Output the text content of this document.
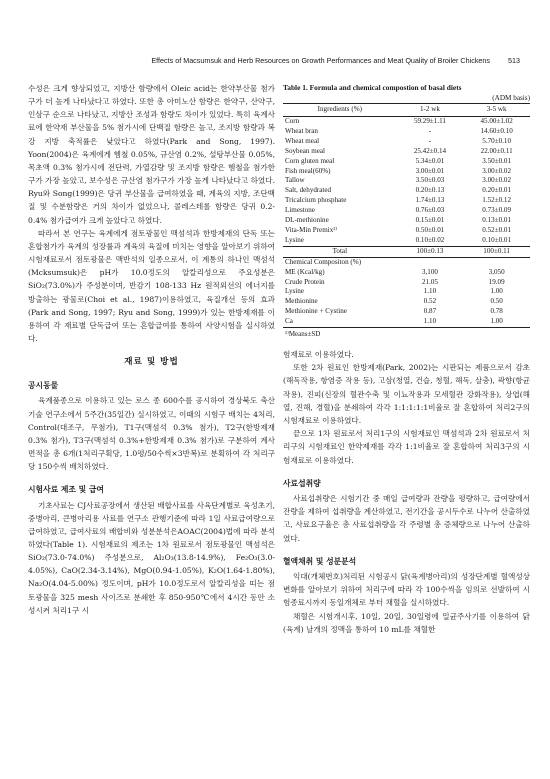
Effects of Macsumsuk and Herb Resources on Growth Performances and Meat Quality of Broiler Chickens	513

수성은 크게 향상되었고, 지방산 함량에서 Oleic acid는 한약부산물 첨가구가 더 높게 나타났다고 하였다. 또한 총 아미노산 함량은 한약구, 산약구, 인삼구 순으로 나타났고, 지방산 조성과 함량도 차이가 있었다. 특히 육계사료에 한약재 부산물을 5% 첨가시에 단백질 함량은 높고, 조지방 함량과 복강 지방 축적률은 낮았다고 하였다(Park and Song, 1997). Yoon(2004)은 육계에게 헴철 0.05%, 규산염 0.2%, 설탕부산물 0.05%, 목초액 0.3% 첨가시에 전단력, 가열감량 및 조지방 함량은 헴철을 첨가한 구가 가장 높았고, 보수성은 규산염 첨가구가 가장 높게 나타났다고 하였다. Ryu와 Song(1999)은 당귀 부산물을 급여하였을 때, 계육의 지방, 조단백질 및 수분함량은 거의 차이가 없었으나, 콜레스테롤 함량은 당귀 0.2-0.4% 첨가급여가 크게 높았다고 하였다.

따라서 본 연구는 육계에게 점토광물인 맥섬석과 한방제재의 단독 또는 혼합첨가가 육계의 성장률과 계육의 육질에 미치는 영향을 알아보기 위하여 시험재료로서 점토광물은 맥반석의 일종으로서, 이 계통의 하나인 맥섬석(Mcksumsuk)은 pH가 10.0정도의 알칼리성으로 주요성분은 SiO₂(73.0%)가 주성분이며, 반감기 108-133 Hz 원적외선의 에너지를 방출하는 광물로(Choi et al., 1987)이용하였고, 육질개선 등의 효과(Park and Song, 1997; Ryu and Song, 1999)가 있는 한방제재를 이용하여 각 재료별 단독급여 또는 혼합급여를 통하여 사양시험을 실시하였다.

재료 및 방법
공시동물

육계품종으로 이용하고 있는 로스 종 600수를 공시하여 경상북도 축산기술 연구소에서 5주간(35일간) 실시하였고, 이때의 시험구 배치는 4처리, Control(대조구, 무첨가), T1구(맥섬석 0.3% 첨가), T2구(한방제재 0.3% 첨가), T3구(맥섬석 0.3%+한방제재 0.3% 첨가)로 구분하여 계사면적을 총 6개(1처리구획당, 1.0평/50수씩×3반복)로 분획하여 각 처리구당 150수씩 배치하였다.

시험사료 제조 및 급여

기초사료는 CJ사료공장에서 생산된 배합사료를 사육단계별로 육성초기, 중병아리, 큰병아리용 사료를 연구소 관행기준에 따라 1일 사료급여량으로 급여하였고, 급여사료의 배합비와 성분분석은AOAC(2004)법에 따라 분석하였다(Table 1). 시험재료의 제조는 1차 원료로서 점토광물인 맥섬석은 SiO₂(73.0-74.0%) 주성분으로, Al₂O₃(13.8-14.9%), Fe₂O₃(3.0-4.05%), CaO(2.34-3.14%), MgO(0.94-1.05%), K₂O(1.64-1.80%), Na₂O(4.04-5.00%) 정도이며, pH가 10.0정도로서 알칼리성을 띠는 점토광물을 325 mesh 사이즈로 분쇄한 후 850-950℃에서 4시간 동안 소성시켜 처리1구 시

Table 1. Formula and chemical compostion of basal diets
(ADM basis)
Ingredients (%)	1-2 wk	3-5 wk
Corn	59.29±1.11	45.00±1.02
Wheat bran	-	14.60±0.10
Wheat meal	-	5.70±0.10
Soybean meal	25.42±0.14	22.00±0.11
Corn gluten meal	5.34±0.01	3.50±0.01
Fish meal(60%)	3.00±0.01	3.00±0.02
Tallow	3.50±0.03	3.00±0.02
Salt, dehydrated	0.20±0.13	0.20±0.01
Tricalcium phosphate	1.74±0.13	1.52±0.12
Limestone	0.76±0.03	0.73±0.09
DL-methionine	0.15±0.01	0.13±0.01
Vita-Min Premix²⁾	0.50±0.01	0.52±0.01
Lysine	0.10±0.02	0.10±0.01
Total	100±0.13	100±0.11
Chemical Compositon (%)		
ME (Kcal/kg)	3,100	3,050
Crude Protein	21.05	19.09
Lysine	1.10	1.00
Methionine	0.52	0.50
Methionine + Cystine	0.87	0.78
Ca	1.10	1.00
¹⁾Means±SD

험재료로 이용하였다.

또한 2차 원료인 한방제재(Park, 2002)는 시판되는 제품으로서 감초(해독작용, 항염증 작용 등), 고삼(청열, 건습, 청혈, 해독, 살충), 곽향(항균작용), 진피(신장의 혈관수축 및 이뇨작용과 모세혈관 강화작용), 상엽(해열, 진해, 경혈)을 분쇄하여 각각 1:1:1:1:1비율로 잘 혼합하여 처리2구의 시험재료로 이용하였다.

끝으로 1차 원료로서 처리1구의 시험재료인 맥섬석과 2차 원료로서 처리구의 시험재료인 한약제재를 각각 1:1비율로 잘 혼합하여 처리3구의 시험재료로 이용하였다.

사료섭취량

사료섭취량은 시험기간 중 매일 급여량과 잔량을 평량하고, 급여량에서 잔량을 제하여 섭취량을 계산하였고, 전기간을 공시두수로 나누어 산출하였고, 사료요구율은 총 사료섭취량을 각 주령별 총 증체량으로 나누어 산출하였다.

혈액채취 및 성분분석

익대(개체번호)처리된 시험공시 닭(육계병아리)의 성장단계별 혈액성상 변화를 알아보기 위하여 처리구에 따라 각 100수씩을 임의로 선발하여 시험종료시까지 동일개체로 부터 채혈을 실시하였다.

채혈은 시험개시후, 10일, 20일, 30일령에 밀균주사기를 이용하여 닭(육계) 날개의 정맥을 통하여 10 mL를 채혈한
